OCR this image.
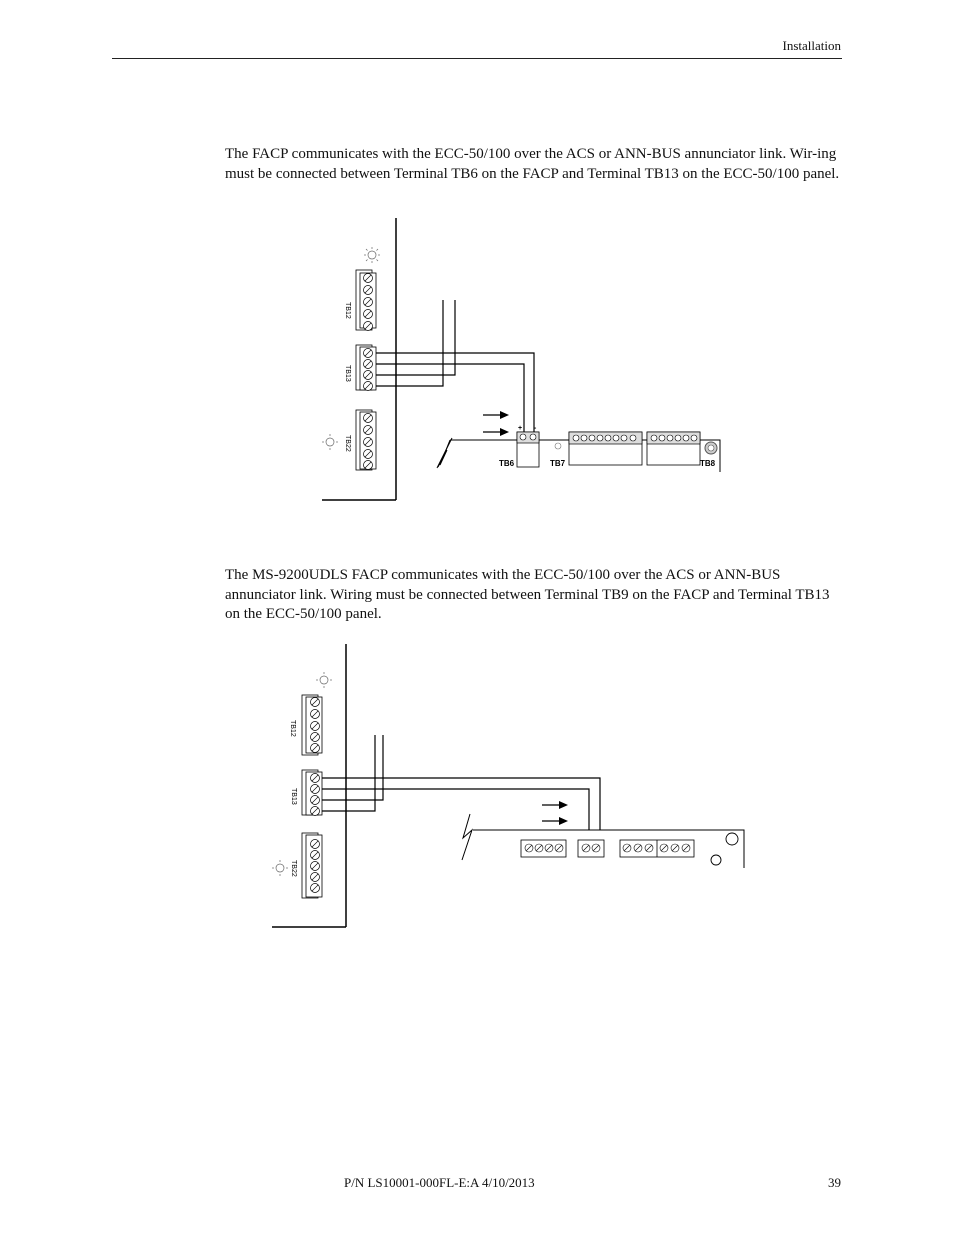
Installation
The FACP communicates with the ECC-50/100 over the ACS or ANN-BUS annunciator link. Wir-ing must be connected between Terminal TB6 on the FACP and Terminal TB13 on the ECC-50/100 panel.
TB12
TB13
TB22
+ -
TB6	TB7	TB8
The MS-9200UDLS FACP communicates with the ECC-50/100 over the ACS or ANN-BUS annunciator link. Wiring must be connected between Terminal TB9 on the FACP and Terminal TB13 on the ECC-50/100 panel.
TB12
TB13
TB22
P/N LS10001-000FL-E:A 4/10/2013	39
